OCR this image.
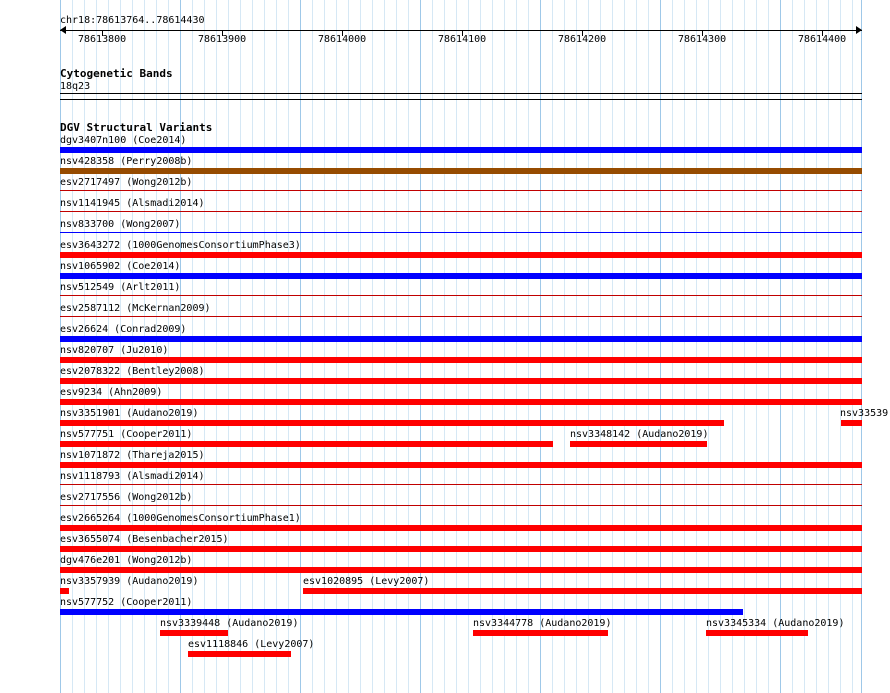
chr18:78613764..78614430
78613800	78613900	78614000	78614100	78614200	78614300	78614400
Cytogenetic Bands
18q23
DGV Structural Variants
dgv3407n100 (Coe2014)
nsv428358 (Perry2008b)
esv2717497 (Wong2012b)
nsv1141945 (Alsmadi2014)
nsv833700 (Wong2007)
esv3643272 (1000GenomesConsortiumPhase3)
nsv1065902 (Coe2014)
nsv512549 (Arlt2011)
esv2587112 (McKernan2009)
esv26624 (Conrad2009)
nsv820707 (Ju2010)
esv2078322 (Bentley2008)
esv9234 (Ahn2009)
nsv3351901 (Audano2019)	nsv33539
nsv577751 (Cooper2011)	nsv3348142 (Audano2019)
nsv1071872 (Thareja2015)
nsv1118793 (Alsmadi2014)
esv2717556 (Wong2012b)
esv2665264 (1000GenomesConsortiumPhase1)
esv3655074 (Besenbacher2015)
dgv476e201 (Wong2012b)
nsv3357939 (Audano2019)	esv1020895 (Levy2007)
nsv577752 (Cooper2011)
nsv3339448 (Audano2019)	nsv3344778 (Audano2019)	nsv3345334 (Audano2019)
esv1118846 (Levy2007)
